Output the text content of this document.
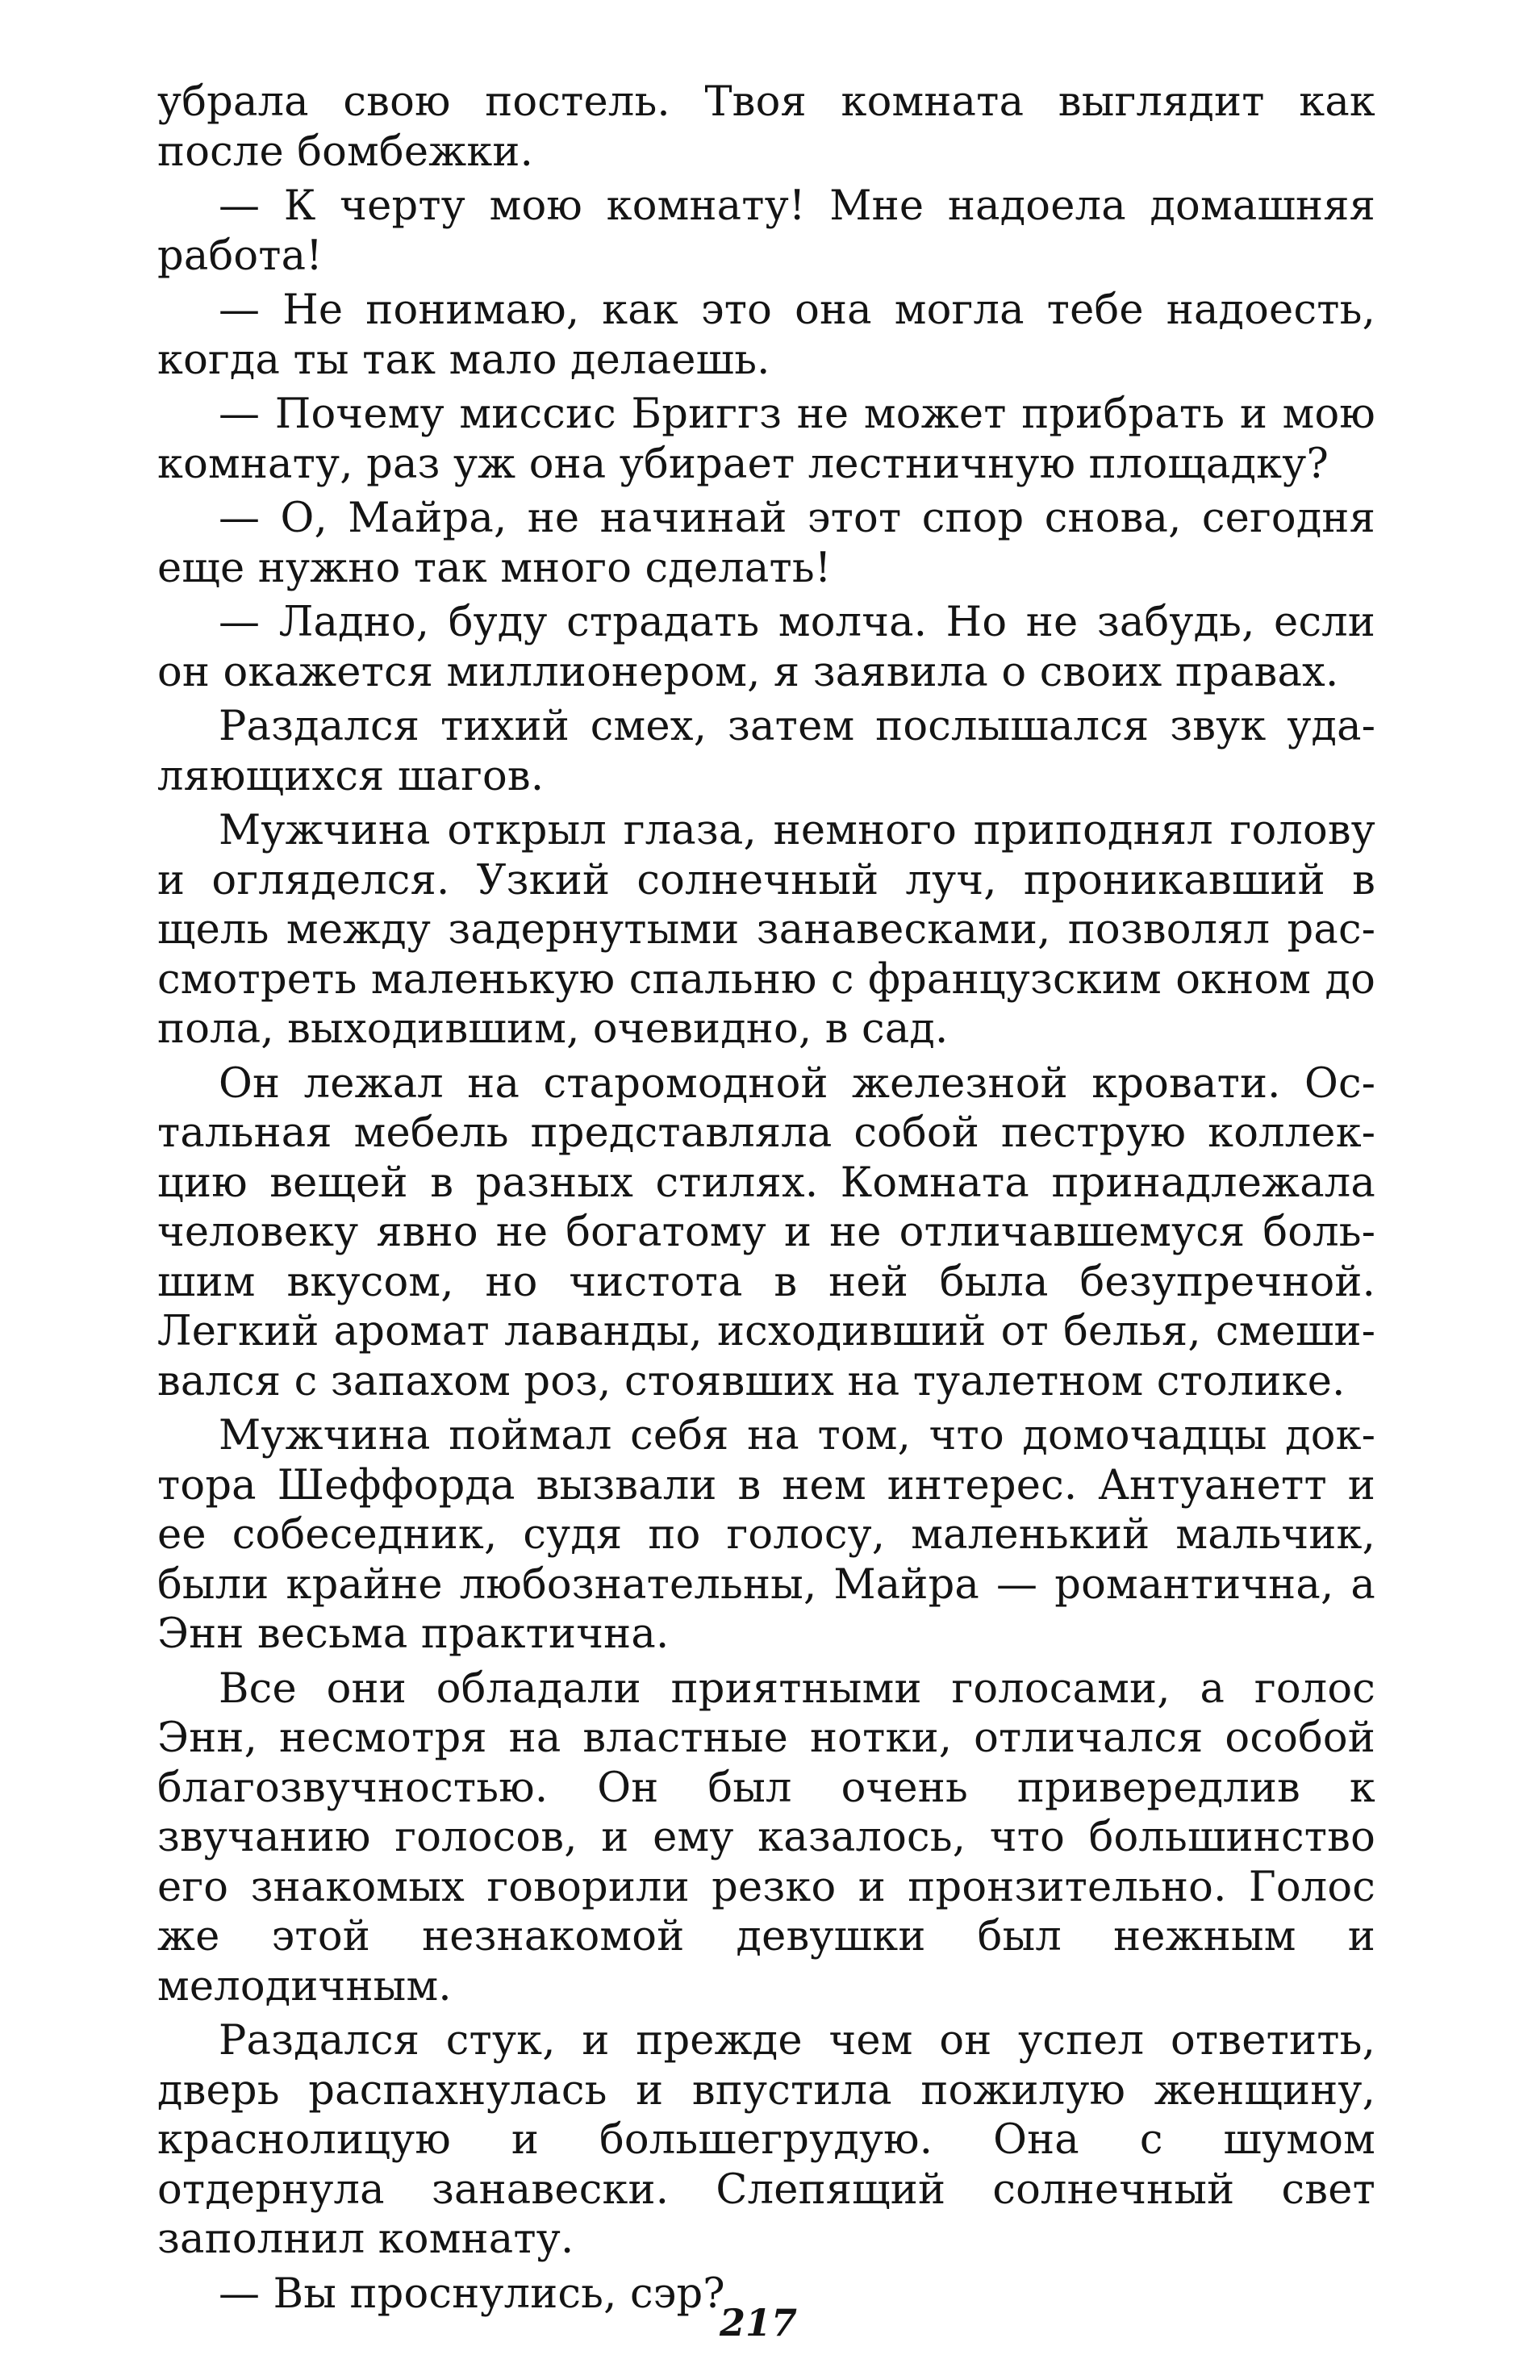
убрала свою постель. Твоя комната выглядит как после бомбежки.

— К черту мою комнату! Мне надоела домашняя работа!

— Не понимаю, как это она могла тебе надоесть, когда ты так мало делаешь.

— Почему миссис Бриггз не может прибрать и мою комнату, раз уж она убирает лестничную площадку?

— О, Майра, не начинай этот спор снова, сегодня еще нужно так много сделать!

— Ладно, буду страдать молча. Но не забудь, если он окажется миллионером, я заявила о своих правах.

Раздался тихий смех, затем послышался звук удаляющихся шагов.

Мужчина открыл глаза, немного приподнял голову и огляделся. Узкий солнечный луч, проникавший в щель между задернутыми занавесками, позволял рассмотреть маленькую спальню с французским окном до пола, выходившим, очевидно, в сад.

Он лежал на старомодной железной кровати. Остальная мебель представляла собой пеструю коллекцию вещей в разных стилях. Комната принадлежала человеку явно не богатому и не отличавшемуся большим вкусом, но чистота в ней была безупречной. Легкий аромат лаванды, исходивший от белья, смешивался с запахом роз, стоявших на туалетном столике.

Мужчина поймал себя на том, что домочадцы доктора Шеффорда вызвали в нем интерес. Антуанетт и ее собеседник, судя по голосу, маленький мальчик, были крайне любознательны, Майра — романтична, а Энн весьма практична.

Все они обладали приятными голосами, а голос Энн, несмотря на властные нотки, отличался особой благозвучностью. Он был очень привередлив к звучанию голосов, и ему казалось, что большинство его знакомых говорили резко и пронзительно. Голос же этой незнакомой девушки был нежным и мелодичным.

Раздался стук, и прежде чем он успел ответить, дверь распахнулась и впустила пожилую женщину, краснолицую и большегрудую. Она с шумом отдернула занавески. Слепящий солнечный свет заполнил комнату.

— Вы проснулись, сэр?

217
